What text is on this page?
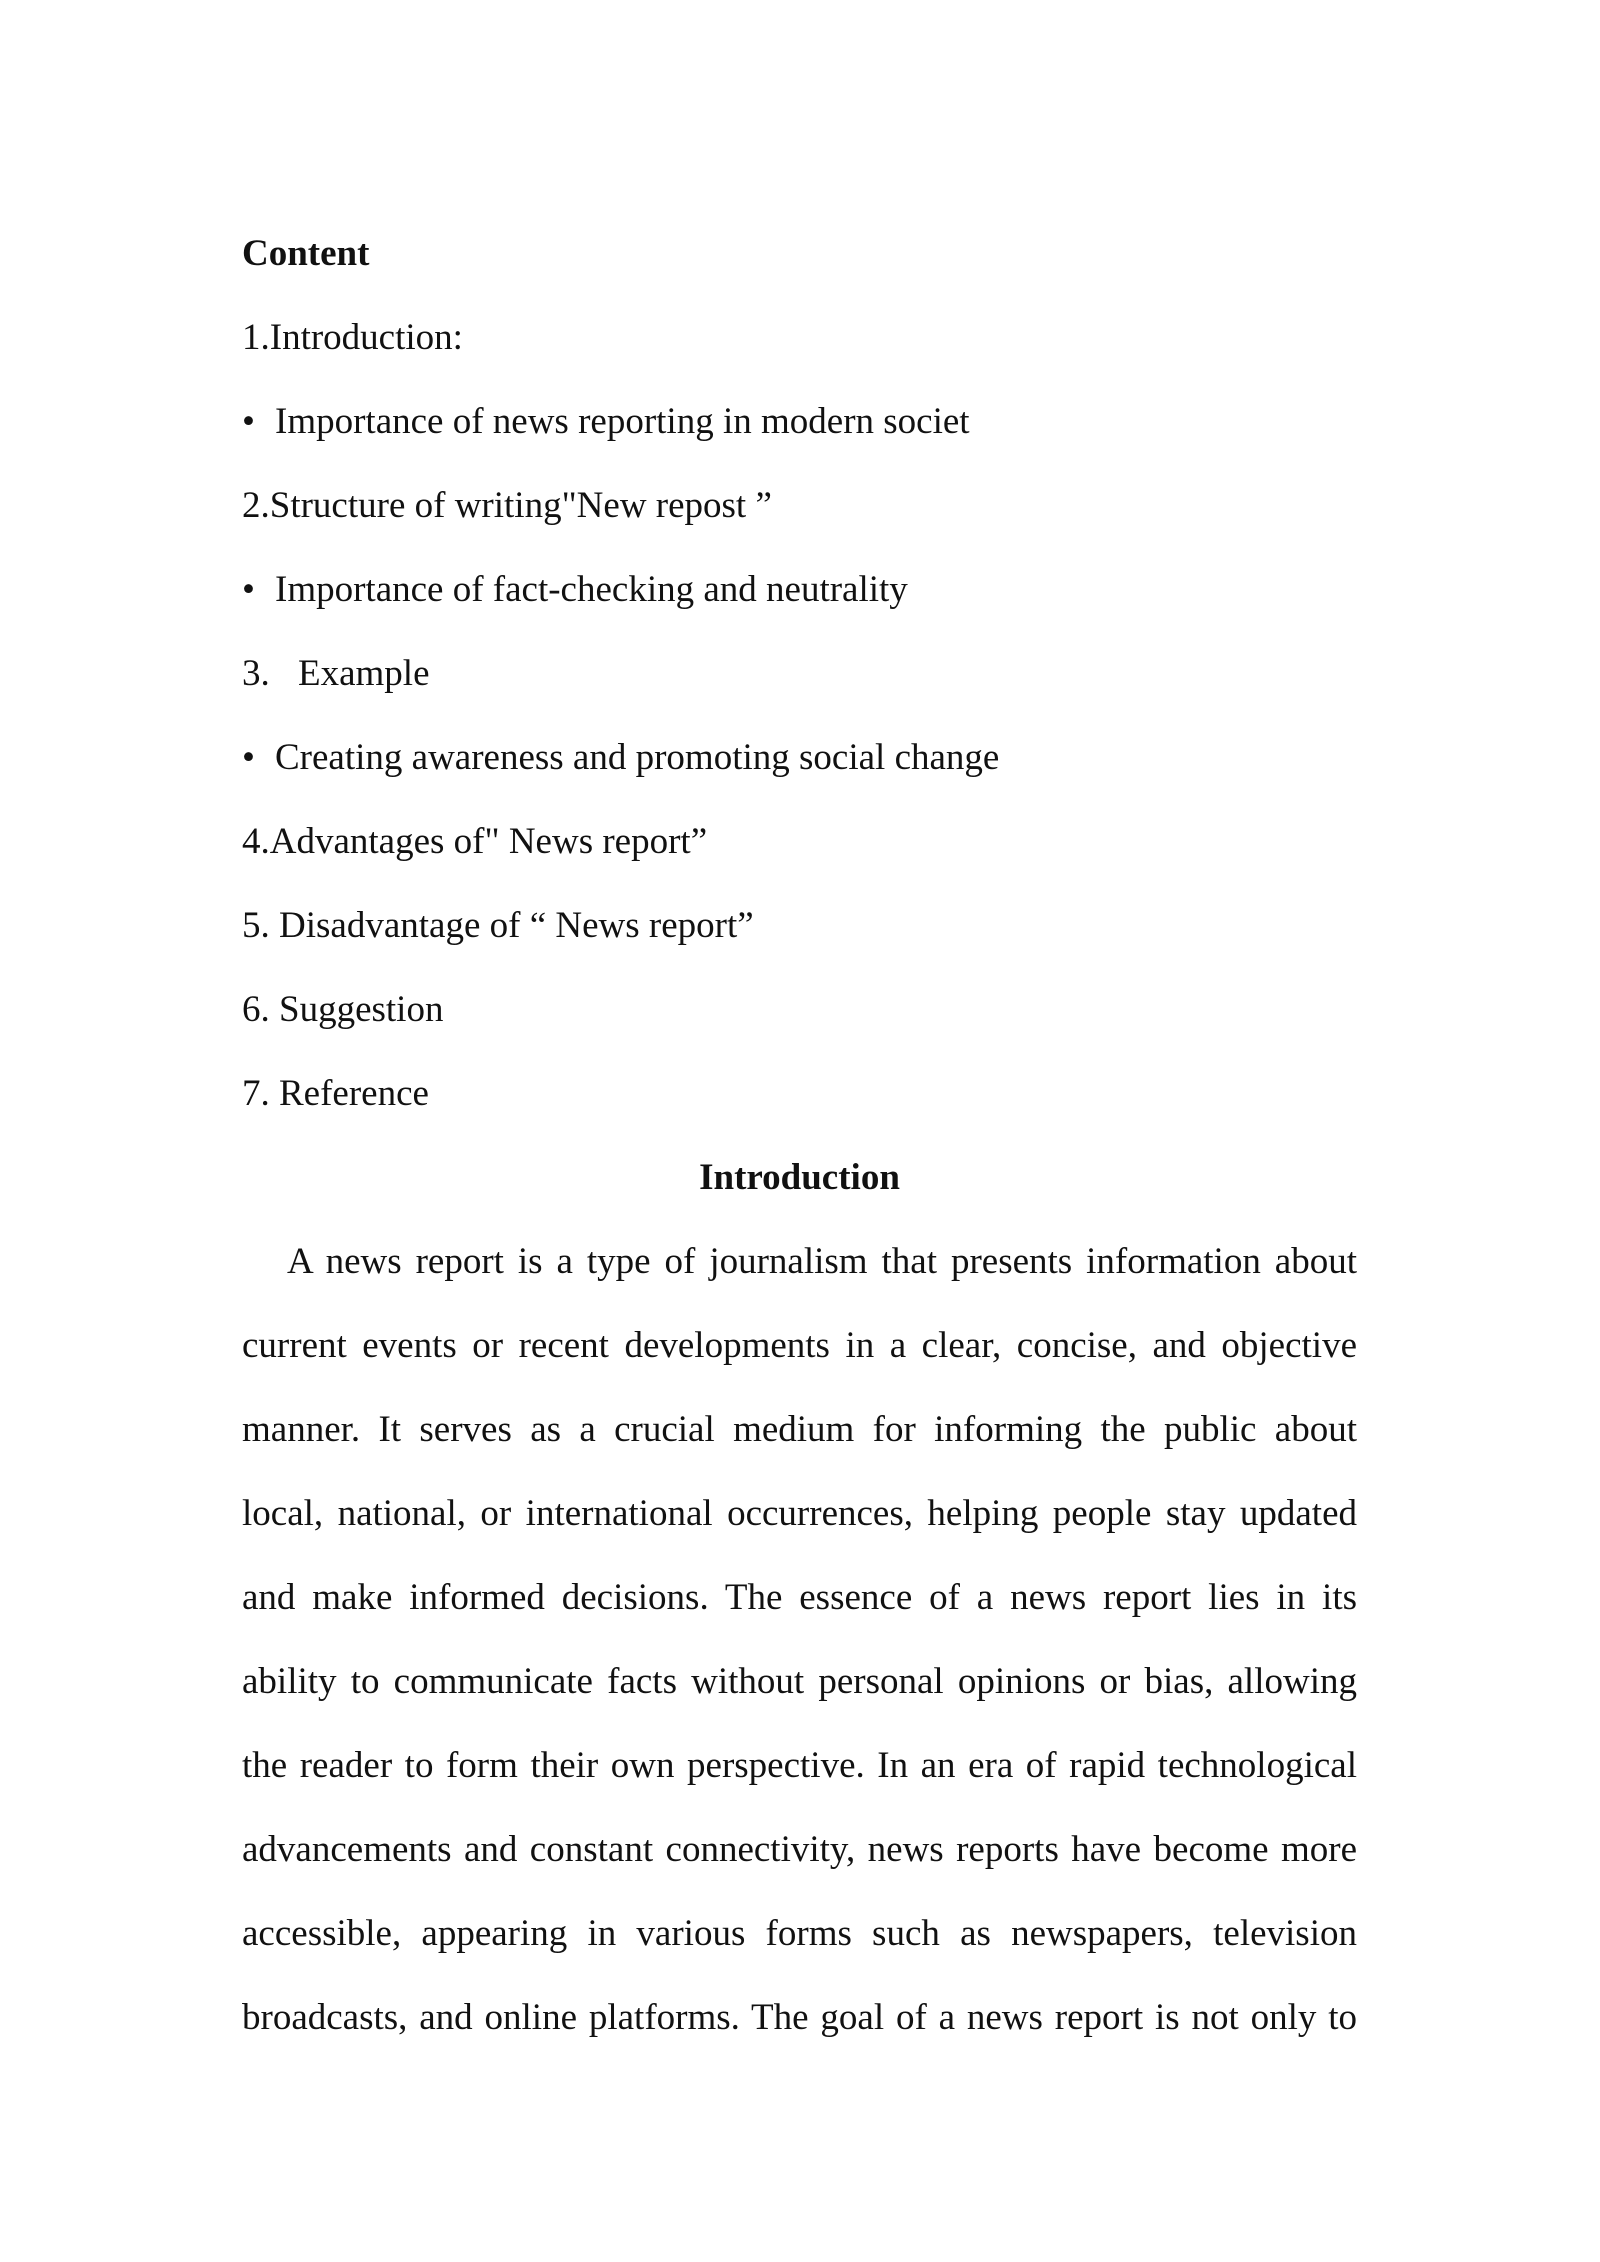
Content
1.Introduction:
• Importance of news reporting in modern societ
2.Structure of writing"New repost ”
• Importance of fact-checking and neutrality
3. Example
• Creating awareness and promoting social change
4.Advantages of" News report”
5. Disadvantage of “ News report”
6. Suggestion
7. Reference
Introduction
A news report is a type of journalism that presents information about
current events or recent developments in a clear, concise, and objective
manner. It serves as a crucial medium for informing the public about
local, national, or international occurrences, helping people stay updated
and make informed decisions. The essence of a news report lies in its
ability to communicate facts without personal opinions or bias, allowing
the reader to form their own perspective. In an era of rapid technological
advancements and constant connectivity, news reports have become more
accessible, appearing in various forms such as newspapers, television
broadcasts, and online platforms. The goal of a news report is not only to
